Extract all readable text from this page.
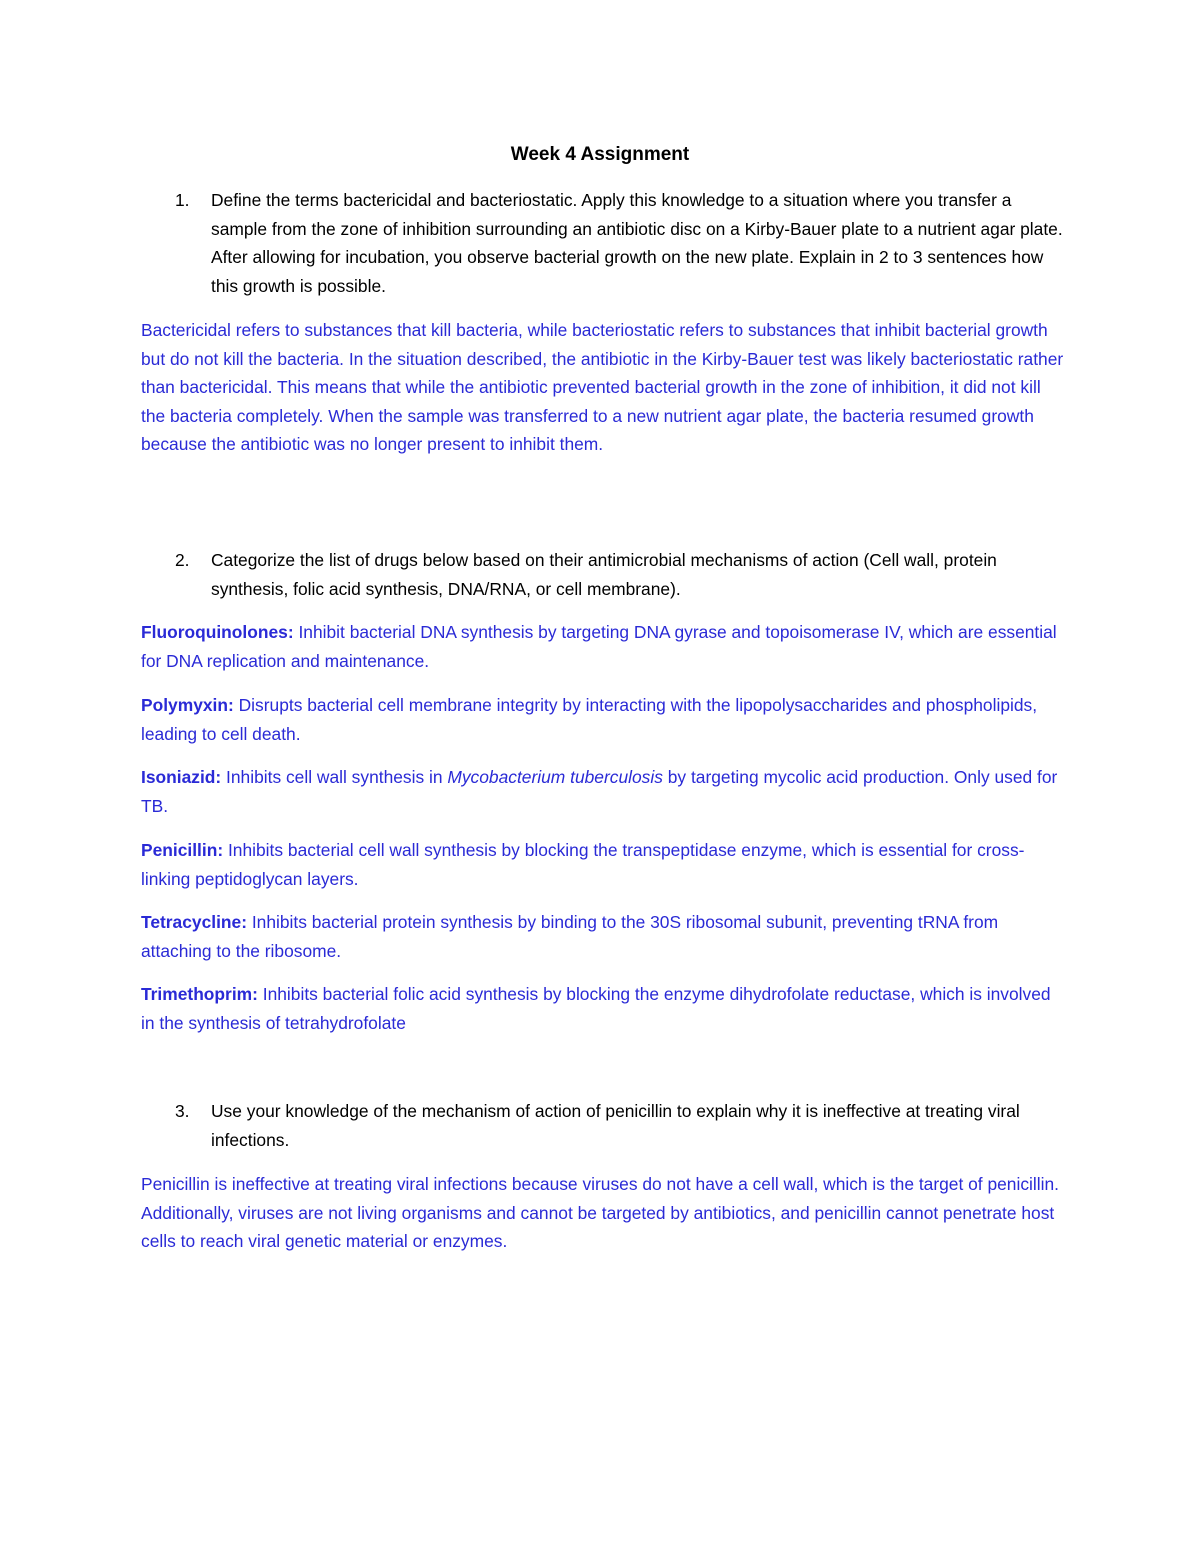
Week 4 Assignment
1. Define the terms bactericidal and bacteriostatic. Apply this knowledge to a situation where you transfer a sample from the zone of inhibition surrounding an antibiotic disc on a Kirby-Bauer plate to a nutrient agar plate. After allowing for incubation, you observe bacterial growth on the new plate. Explain in 2 to 3 sentences how this growth is possible.
Bactericidal refers to substances that kill bacteria, while bacteriostatic refers to substances that inhibit bacterial growth but do not kill the bacteria. In the situation described, the antibiotic in the Kirby-Bauer test was likely bacteriostatic rather than bactericidal. This means that while the antibiotic prevented bacterial growth in the zone of inhibition, it did not kill the bacteria completely. When the sample was transferred to a new nutrient agar plate, the bacteria resumed growth because the antibiotic was no longer present to inhibit them.
2. Categorize the list of drugs below based on their antimicrobial mechanisms of action (Cell wall, protein synthesis, folic acid synthesis, DNA/RNA, or cell membrane).
Fluoroquinolones: Inhibit bacterial DNA synthesis by targeting DNA gyrase and topoisomerase IV, which are essential for DNA replication and maintenance.
Polymyxin: Disrupts bacterial cell membrane integrity by interacting with the lipopolysaccharides and phospholipids, leading to cell death.
Isoniazid: Inhibits cell wall synthesis in Mycobacterium tuberculosis by targeting mycolic acid production. Only used for TB.
Penicillin: Inhibits bacterial cell wall synthesis by blocking the transpeptidase enzyme, which is essential for cross-linking peptidoglycan layers.
Tetracycline: Inhibits bacterial protein synthesis by binding to the 30S ribosomal subunit, preventing tRNA from attaching to the ribosome.
Trimethoprim: Inhibits bacterial folic acid synthesis by blocking the enzyme dihydrofolate reductase, which is involved in the synthesis of tetrahydrofolate
3. Use your knowledge of the mechanism of action of penicillin to explain why it is ineffective at treating viral infections.
Penicillin is ineffective at treating viral infections because viruses do not have a cell wall, which is the target of penicillin. Additionally, viruses are not living organisms and cannot be targeted by antibiotics, and penicillin cannot penetrate host cells to reach viral genetic material or enzymes.
